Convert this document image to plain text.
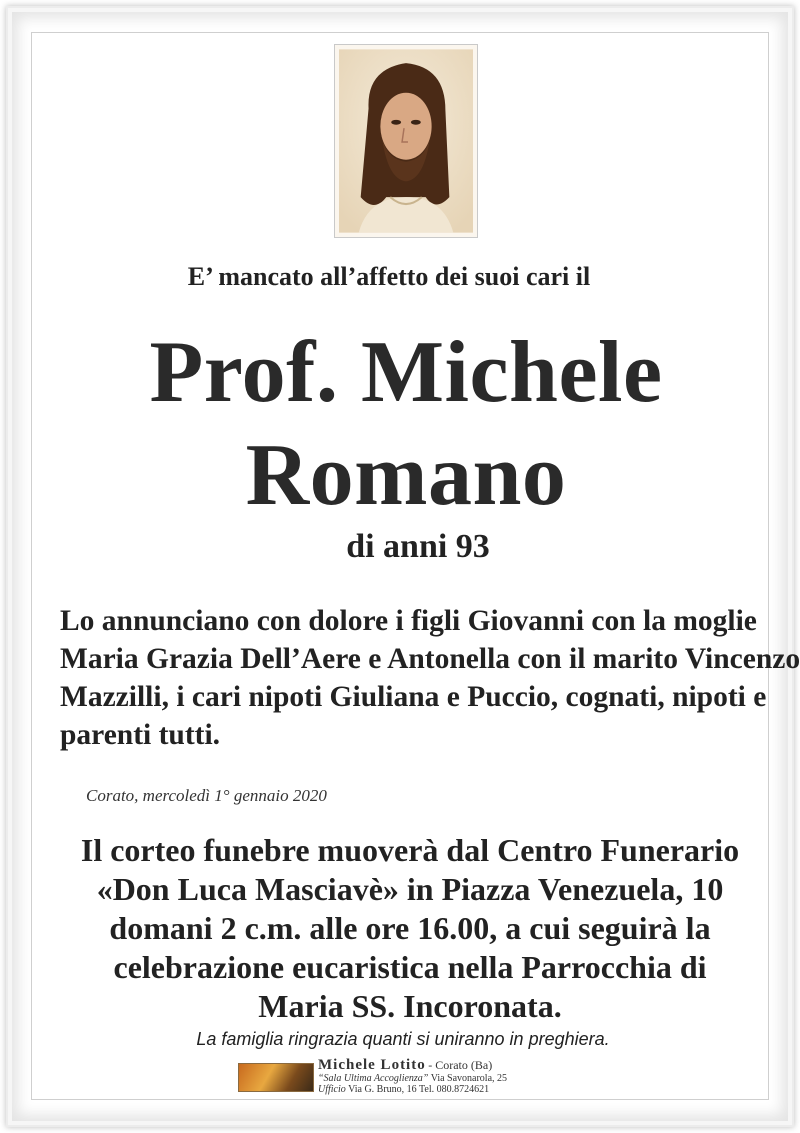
E’ mancato all’affetto dei suoi cari il
Prof. Michele
Romano
di anni 93
Lo annunciano con dolore i figli Giovanni con la moglie
Maria Grazia Dell’Aere e Antonella con il marito Vincenzo
Mazzilli, i cari nipoti Giuliana e Puccio, cognati, nipoti e
parenti tutti.
Corato, mercoledì 1° gennaio 2020
Il corteo funebre muoverà dal Centro Funerario
«Don Luca Masciavè» in Piazza Venezuela, 10
domani 2 c.m. alle ore 16.00, a cui seguirà la
celebrazione eucaristica nella Parrocchia di
Maria SS. Incoronata.
La famiglia ringrazia quanti si uniranno in preghiera.
Michele Lotito - Corato (Ba)
“Sala Ultima Accoglienza” Via Savonarola, 25
Ufficio Via G. Bruno, 16 Tel. 080.8724621
